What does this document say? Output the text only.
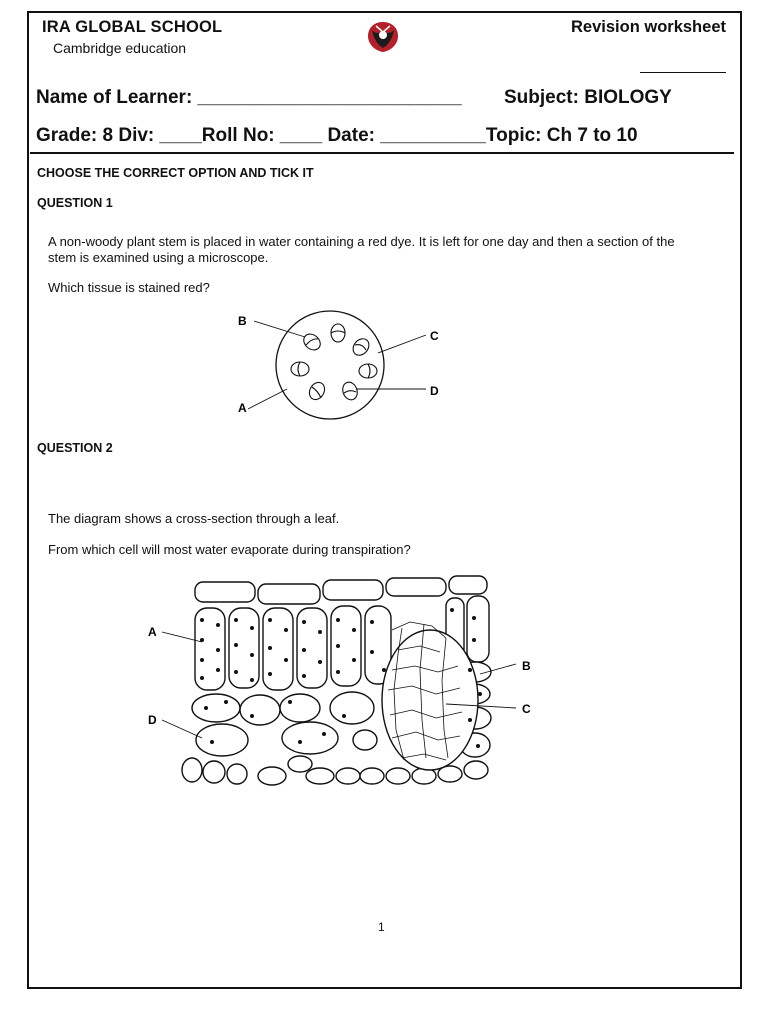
IRA GLOBAL SCHOOL
Cambridge education
Revision worksheet
Name of Learner: _________________________ Subject: BIOLOGY
Grade: 8 Div: ____Roll No: ____ Date: __________Topic: Ch 7 to 10
CHOOSE THE CORRECT OPTION AND TICK IT
QUESTION 1
A non-woody plant stem is placed in water containing a red dye. It is left for one day and then a section of the stem is examined using a microscope.
Which tissue is stained red?
B
C
D
A
QUESTION 2
The diagram shows a cross-section through a leaf.
From which cell will most water evaporate during transpiration?
A
D
B
C
1
